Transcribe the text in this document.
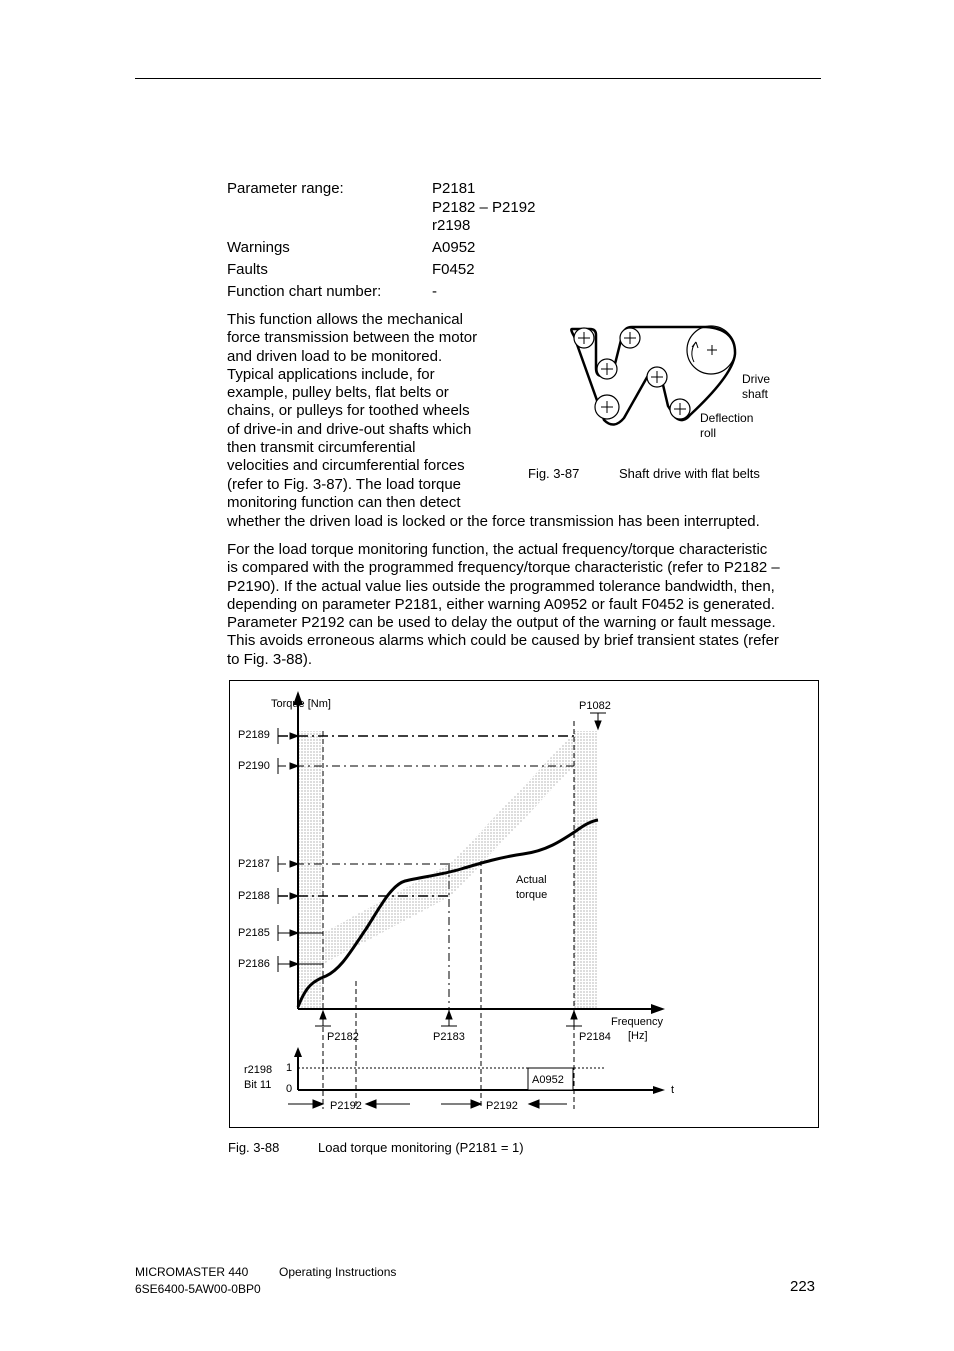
Parameter range:	P2181
P2182 – P2192
r2198
Warnings	A0952
Faults	F0452
Function chart number:	-
This function allows the mechanical
force transmission between the motor
and driven load to be monitored.
Typical applications include, for
example, pulley belts, flat belts or
chains, or pulleys for toothed wheels
of drive-in and drive-out shafts which
then transmit circumferential
velocities and circumferential forces
(refer to Fig. 3-87). The load torque
monitoring function can then detect
whether the driven load is locked or the force transmission has been interrupted.
Drive
shaft
Deflection
roll
Fig. 3-87	Shaft drive with flat belts
For the load torque monitoring function, the actual frequency/torque characteristic
is compared with the programmed frequency/torque characteristic (refer to P2182 –
P2190). If the actual value lies outside the programmed tolerance bandwidth, then,
depending on parameter P2181, either warning A0952 or fault F0452 is generated.
Parameter P2192 can be used to delay the output of the warning or fault message.
This avoids erroneous alarms which could be caused by brief transient states (refer
to Fig. 3-88).
Torque [Nm]	P1082
P2189
P2190
P2187
P2188
P2185
P2186
Actual
torque
Frequency
[Hz]
P2182	P2183	P2184
r2198
Bit 11
1
0
A0952
t
P2192	P2192
Fig. 3-88	Load torque monitoring (P2181 = 1)
MICROMASTER 440	Operating Instructions
6SE6400-5AW00-0BP0	223
